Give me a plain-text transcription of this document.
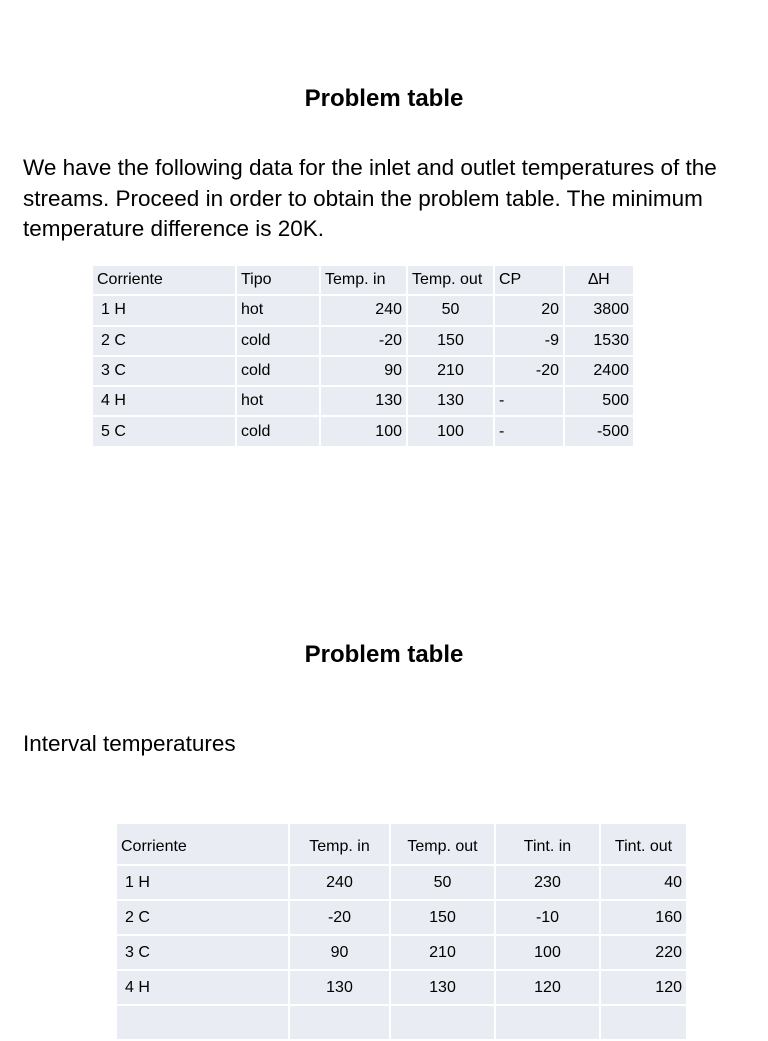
Problem table
We have the following data for the inlet and outlet temperatures of the streams. Proceed in order to obtain the problem table. The minimum temperature difference is 20K.
Corriente	Tipo	Temp. in	Temp. out	CP	∆H
1 H	hot	240	50	20	3800
2 C	cold	-20	150	-9	1530
3 C	cold	90	210	-20	2400
4 H	hot	130	130	-	500
5 C	cold	100	100	-	-500
Problem table
Interval temperatures
Corriente	Temp. in	Temp. out	Tint. in	Tint. out
1 H	240	50	230	40
2 C	-20	150	-10	160
3 C	90	210	100	220
4 H	130	130	120	120
